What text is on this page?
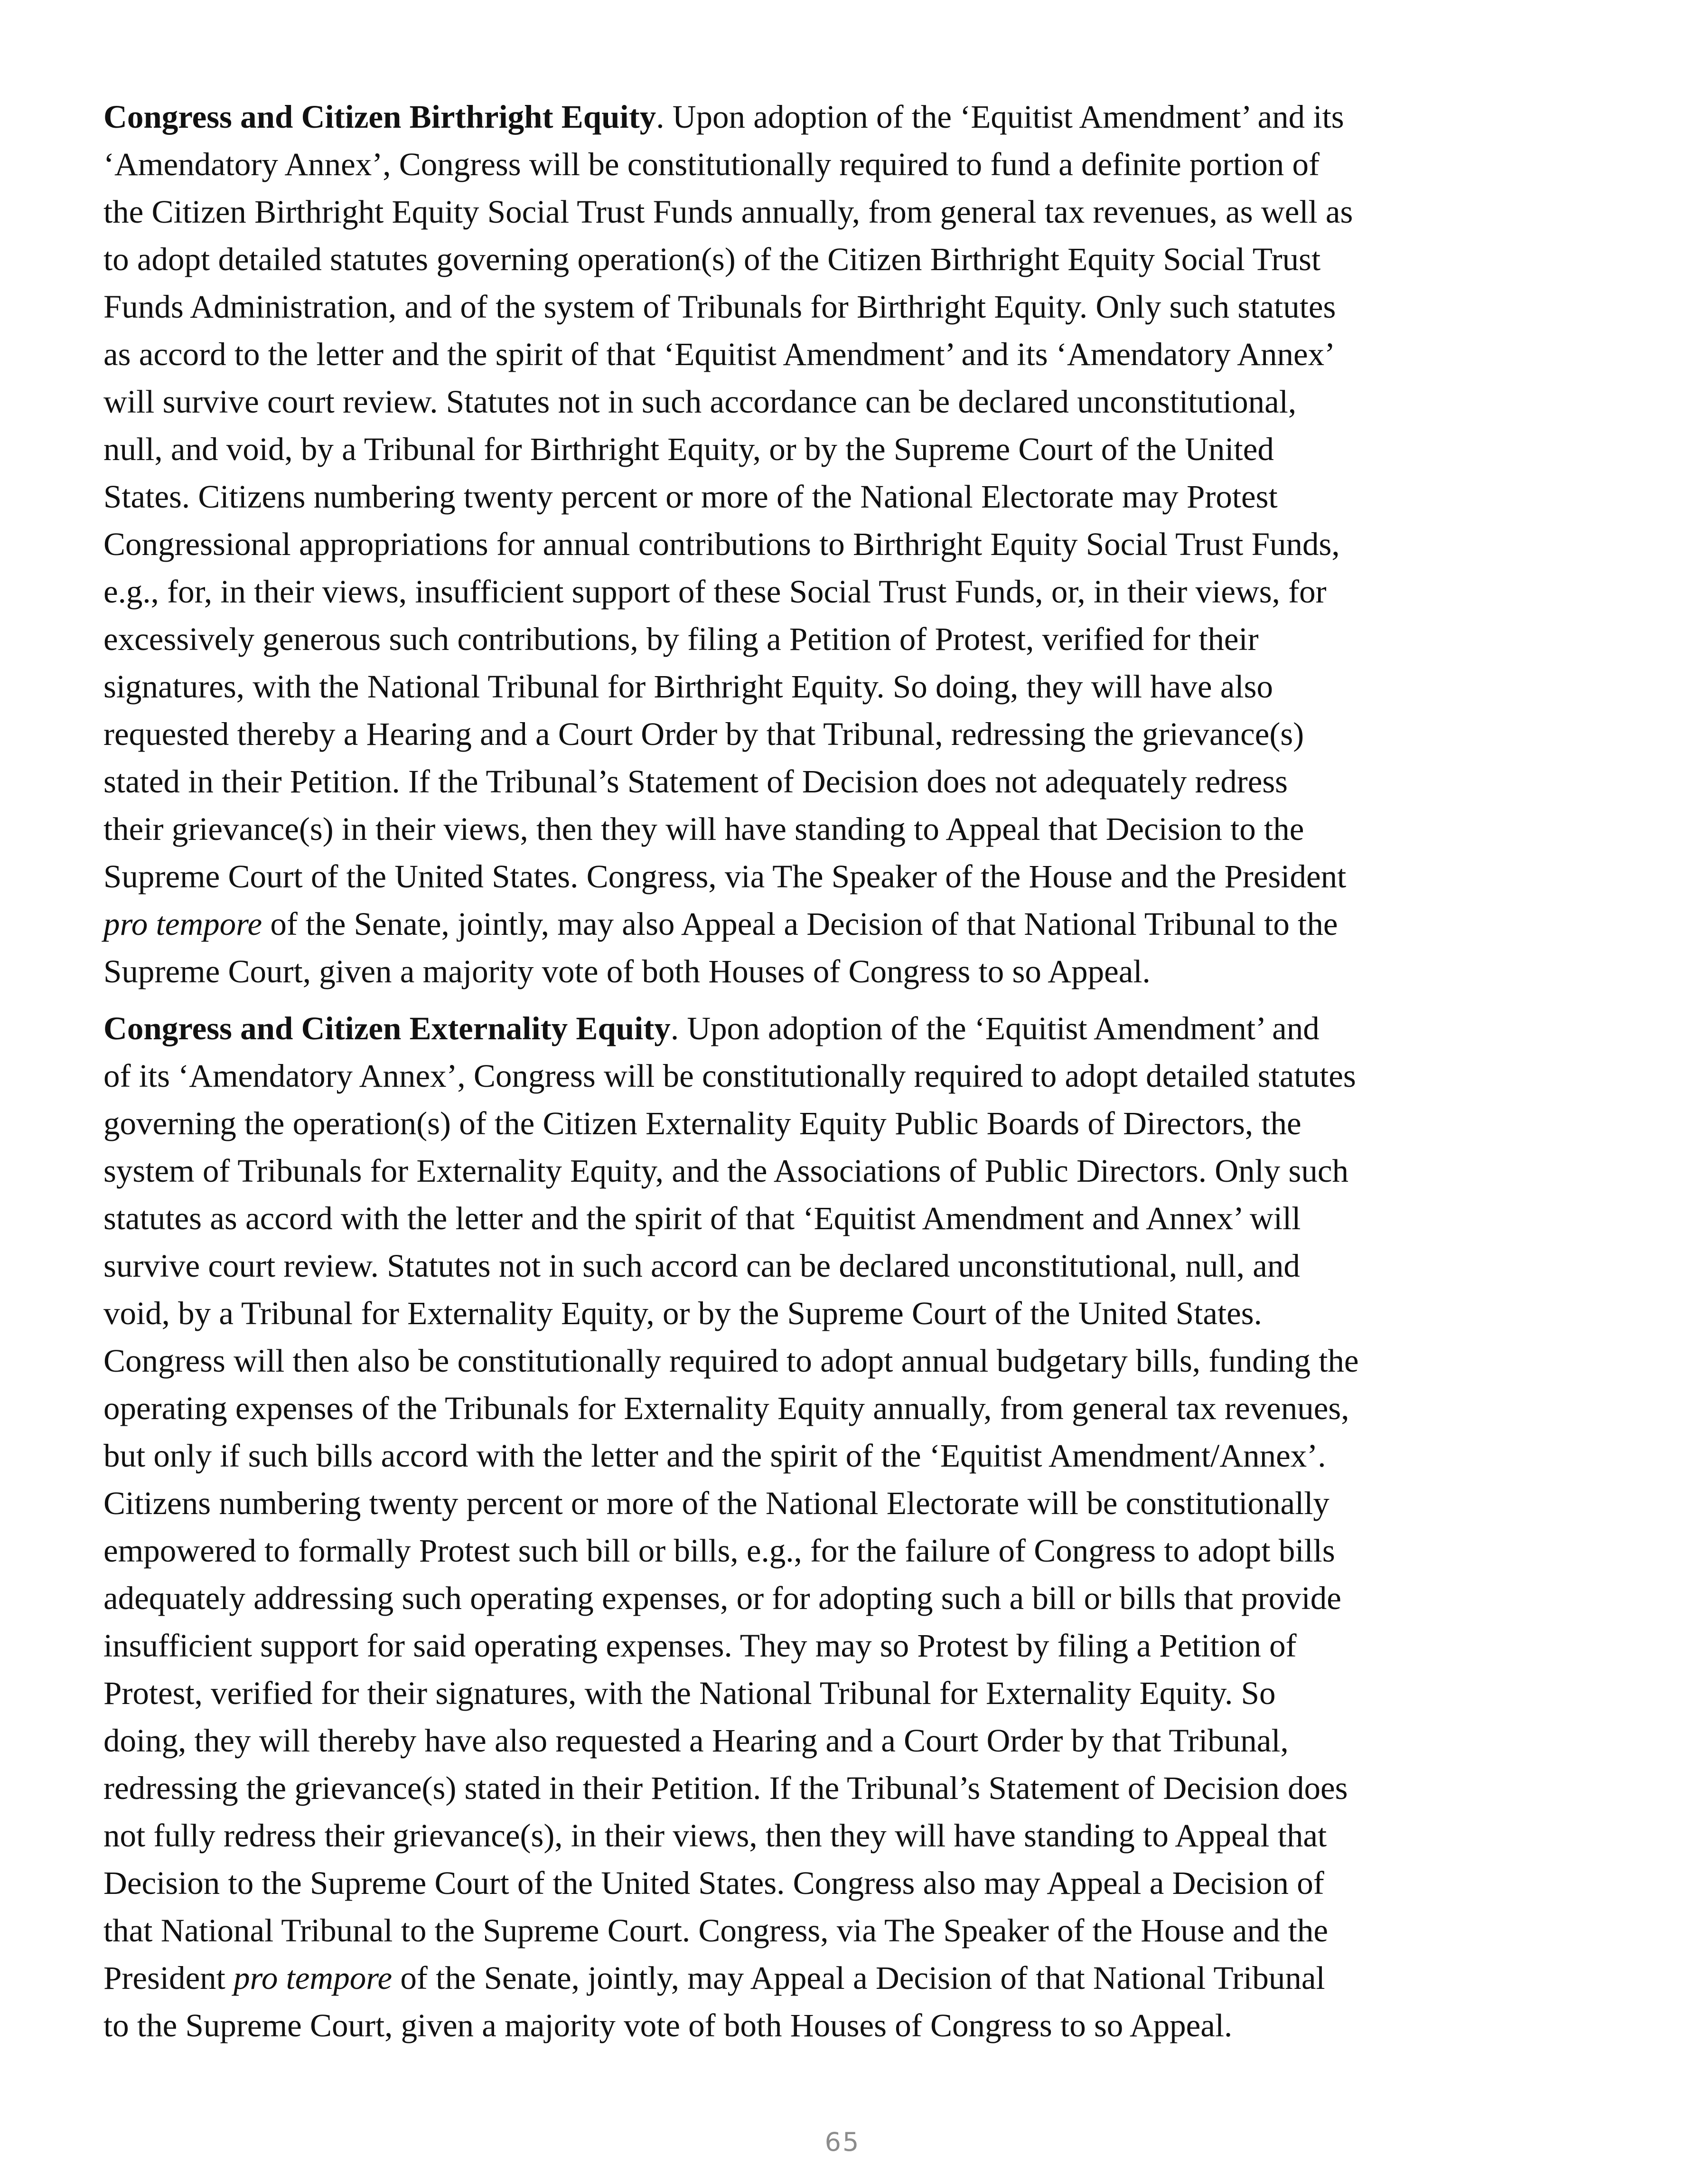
Congress and Citizen Birthright Equity. Upon adoption of the ‘Equitist Amendment’ and its
‘Amendatory Annex’, Congress will be constitutionally required to fund a definite portion of
the Citizen Birthright Equity Social Trust Funds annually, from general tax revenues, as well as
to adopt detailed statutes governing operation(s) of the Citizen Birthright Equity Social Trust
Funds Administration, and of the system of Tribunals for Birthright Equity. Only such statutes
as accord to the letter and the spirit of that ‘Equitist Amendment’ and its ‘Amendatory Annex’
will survive court review. Statutes not in such accordance can be declared unconstitutional,
null, and void, by a Tribunal for Birthright Equity, or by the Supreme Court of the United
States. Citizens numbering twenty percent or more of the National Electorate may Protest
Congressional appropriations for annual contributions to Birthright Equity Social Trust Funds,
e.g., for, in their views, insufficient support of these Social Trust Funds, or, in their views, for
excessively generous such contributions, by filing a Petition of Protest, verified for their
signatures, with the National Tribunal for Birthright Equity. So doing, they will have also
requested thereby a Hearing and a Court Order by that Tribunal, redressing the grievance(s)
stated in their Petition. If the Tribunal’s Statement of Decision does not adequately redress
their grievance(s) in their views, then they will have standing to Appeal that Decision to the
Supreme Court of the United States. Congress, via The Speaker of the House and the President
pro tempore of the Senate, jointly, may also Appeal a Decision of that National Tribunal to the
Supreme Court, given a majority vote of both Houses of Congress to so Appeal.

Congress and Citizen Externality Equity. Upon adoption of the ‘Equitist Amendment’ and
of its ‘Amendatory Annex’, Congress will be constitutionally required to adopt detailed statutes
governing the operation(s) of the Citizen Externality Equity Public Boards of Directors, the
system of Tribunals for Externality Equity, and the Associations of Public Directors. Only such
statutes as accord with the letter and the spirit of that ‘Equitist Amendment and Annex’ will
survive court review. Statutes not in such accord can be declared unconstitutional, null, and
void, by a Tribunal for Externality Equity, or by the Supreme Court of the United States.
Congress will then also be constitutionally required to adopt annual budgetary bills, funding the
operating expenses of the Tribunals for Externality Equity annually, from general tax revenues,
but only if such bills accord with the letter and the spirit of the ‘Equitist Amendment/Annex’.
Citizens numbering twenty percent or more of the National Electorate will be constitutionally
empowered to formally Protest such bill or bills, e.g., for the failure of Congress to adopt bills
adequately addressing such operating expenses, or for adopting such a bill or bills that provide
insufficient support for said operating expenses. They may so Protest by filing a Petition of
Protest, verified for their signatures, with the National Tribunal for Externality Equity. So
doing, they will thereby have also requested a Hearing and a Court Order by that Tribunal,
redressing the grievance(s) stated in their Petition. If the Tribunal’s Statement of Decision does
not fully redress their grievance(s), in their views, then they will have standing to Appeal that
Decision to the Supreme Court of the United States. Congress also may Appeal a Decision of
that National Tribunal to the Supreme Court. Congress, via The Speaker of the House and the
President pro tempore of the Senate, jointly, may Appeal a Decision of that National Tribunal
to the Supreme Court, given a majority vote of both Houses of Congress to so Appeal.

65
